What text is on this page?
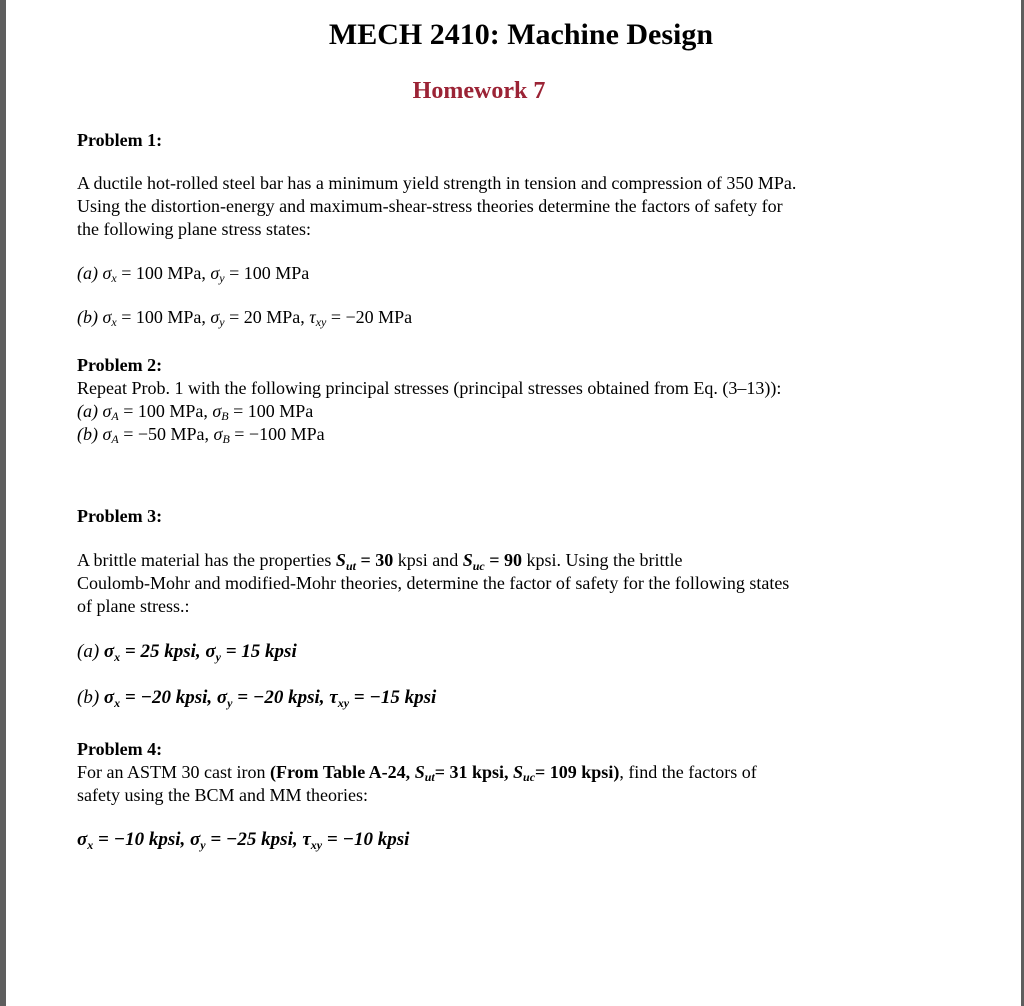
MECH 2410: Machine Design
Homework 7
Problem 1:
A ductile hot-rolled steel bar has a minimum yield strength in tension and compression of 350 MPa.
Using the distortion-energy and maximum-shear-stress theories determine the factors of safety for
the following plane stress states:
(a) σx = 100 MPa, σy = 100 MPa
(b) σx = 100 MPa, σy = 20 MPa, τxy = −20 MPa
Problem 2:
Repeat Prob. 1 with the following principal stresses (principal stresses obtained from Eq. (3–13)):
(a) σA = 100 MPa, σB = 100 MPa
(b) σA = −50 MPa, σB = −100 MPa
Problem 3:
A brittle material has the properties $S_{ut} = 30$ kpsi and $S_{uc} = 90$ kpsi. Using the brittle
Coulomb-Mohr and modified-Mohr theories, determine the factor of safety for the following states
of plane stress.:
(a) $\sigma_x = 25$ kpsi, $\sigma_y = 15$ kpsi
(b) $\sigma_x = -20$ kpsi, $\sigma_y = -20$ kpsi, $\tau_{xy} = -15$ kpsi
Problem 4:
For an ASTM 30 cast iron (From Table A-24, Sut= 31 kpsi, Suc= 109 kpsi), find the factors of
safety using the BCM and MM theories:
$\sigma_x = -10$ kpsi, $\sigma_y = -25$ kpsi, $\tau_{xy} = -10$ kpsi
